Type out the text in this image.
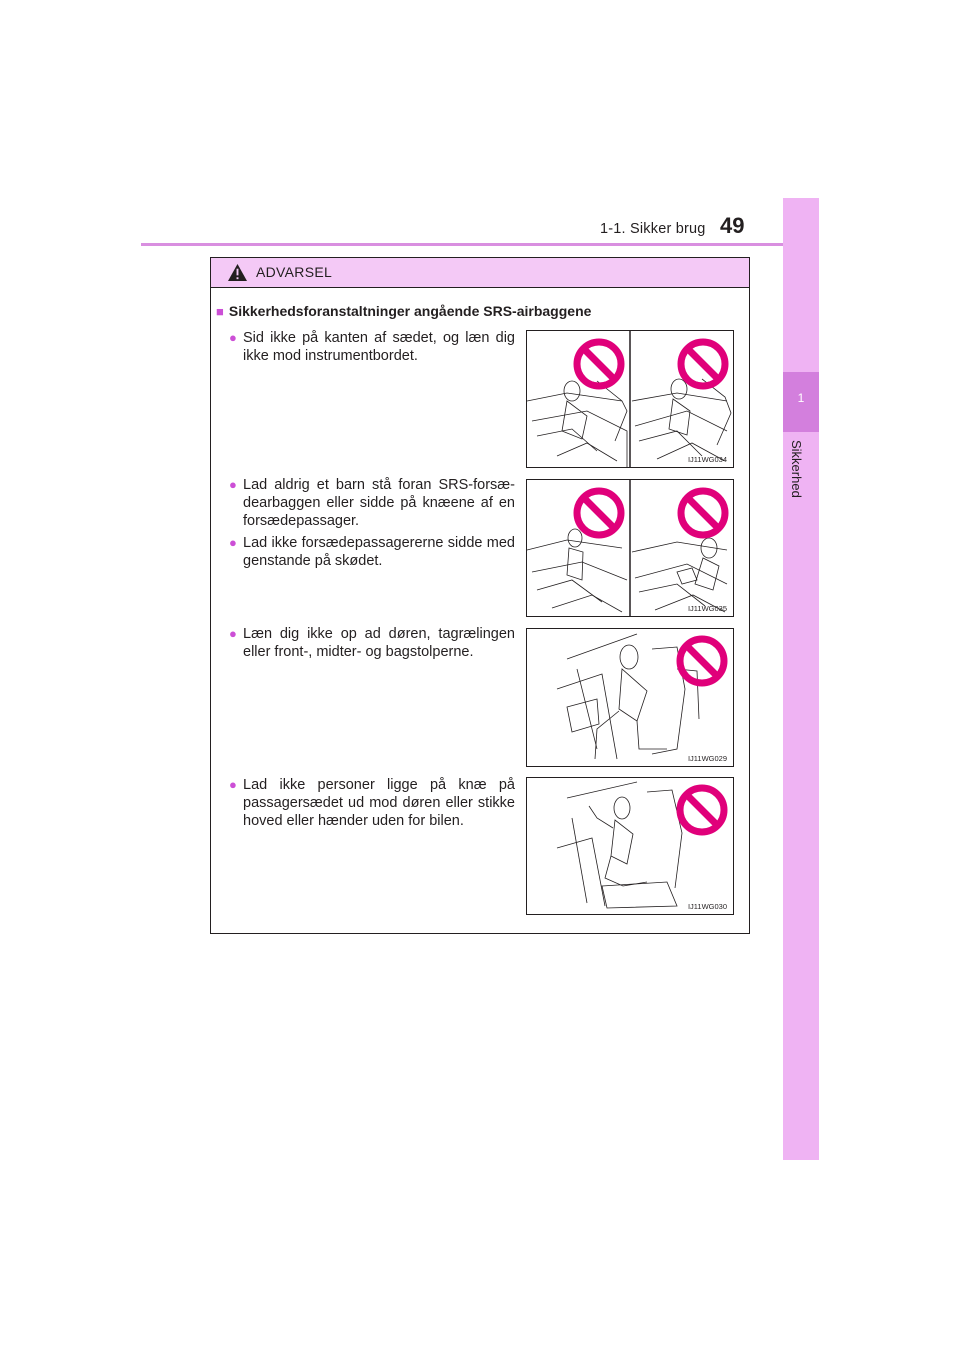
1-1. Sikker brug 49
1
Sikkerhed
ADVARSEL
■ Sikkerhedsforanstaltninger angående SRS-airbaggene
● Sid ikke på kanten af sædet, og læn dig ikke mod instrumentbordet.
● Lad aldrig et barn stå foran SRS-forsæ-dearbaggen eller sidde på knæene af en forsædepassager.
● Lad ikke forsædepassagererne sidde med genstande på skødet.
● Læn dig ikke op ad døren, tagrælingen eller front-, midter- og bagstolperne.
● Lad ikke personer ligge på knæ på passagersædet ud mod døren eller stikke hoved eller hænder uden for bilen.
IJ11WG034
IJ11WG035
IJ11WG029
IJ11WG030
